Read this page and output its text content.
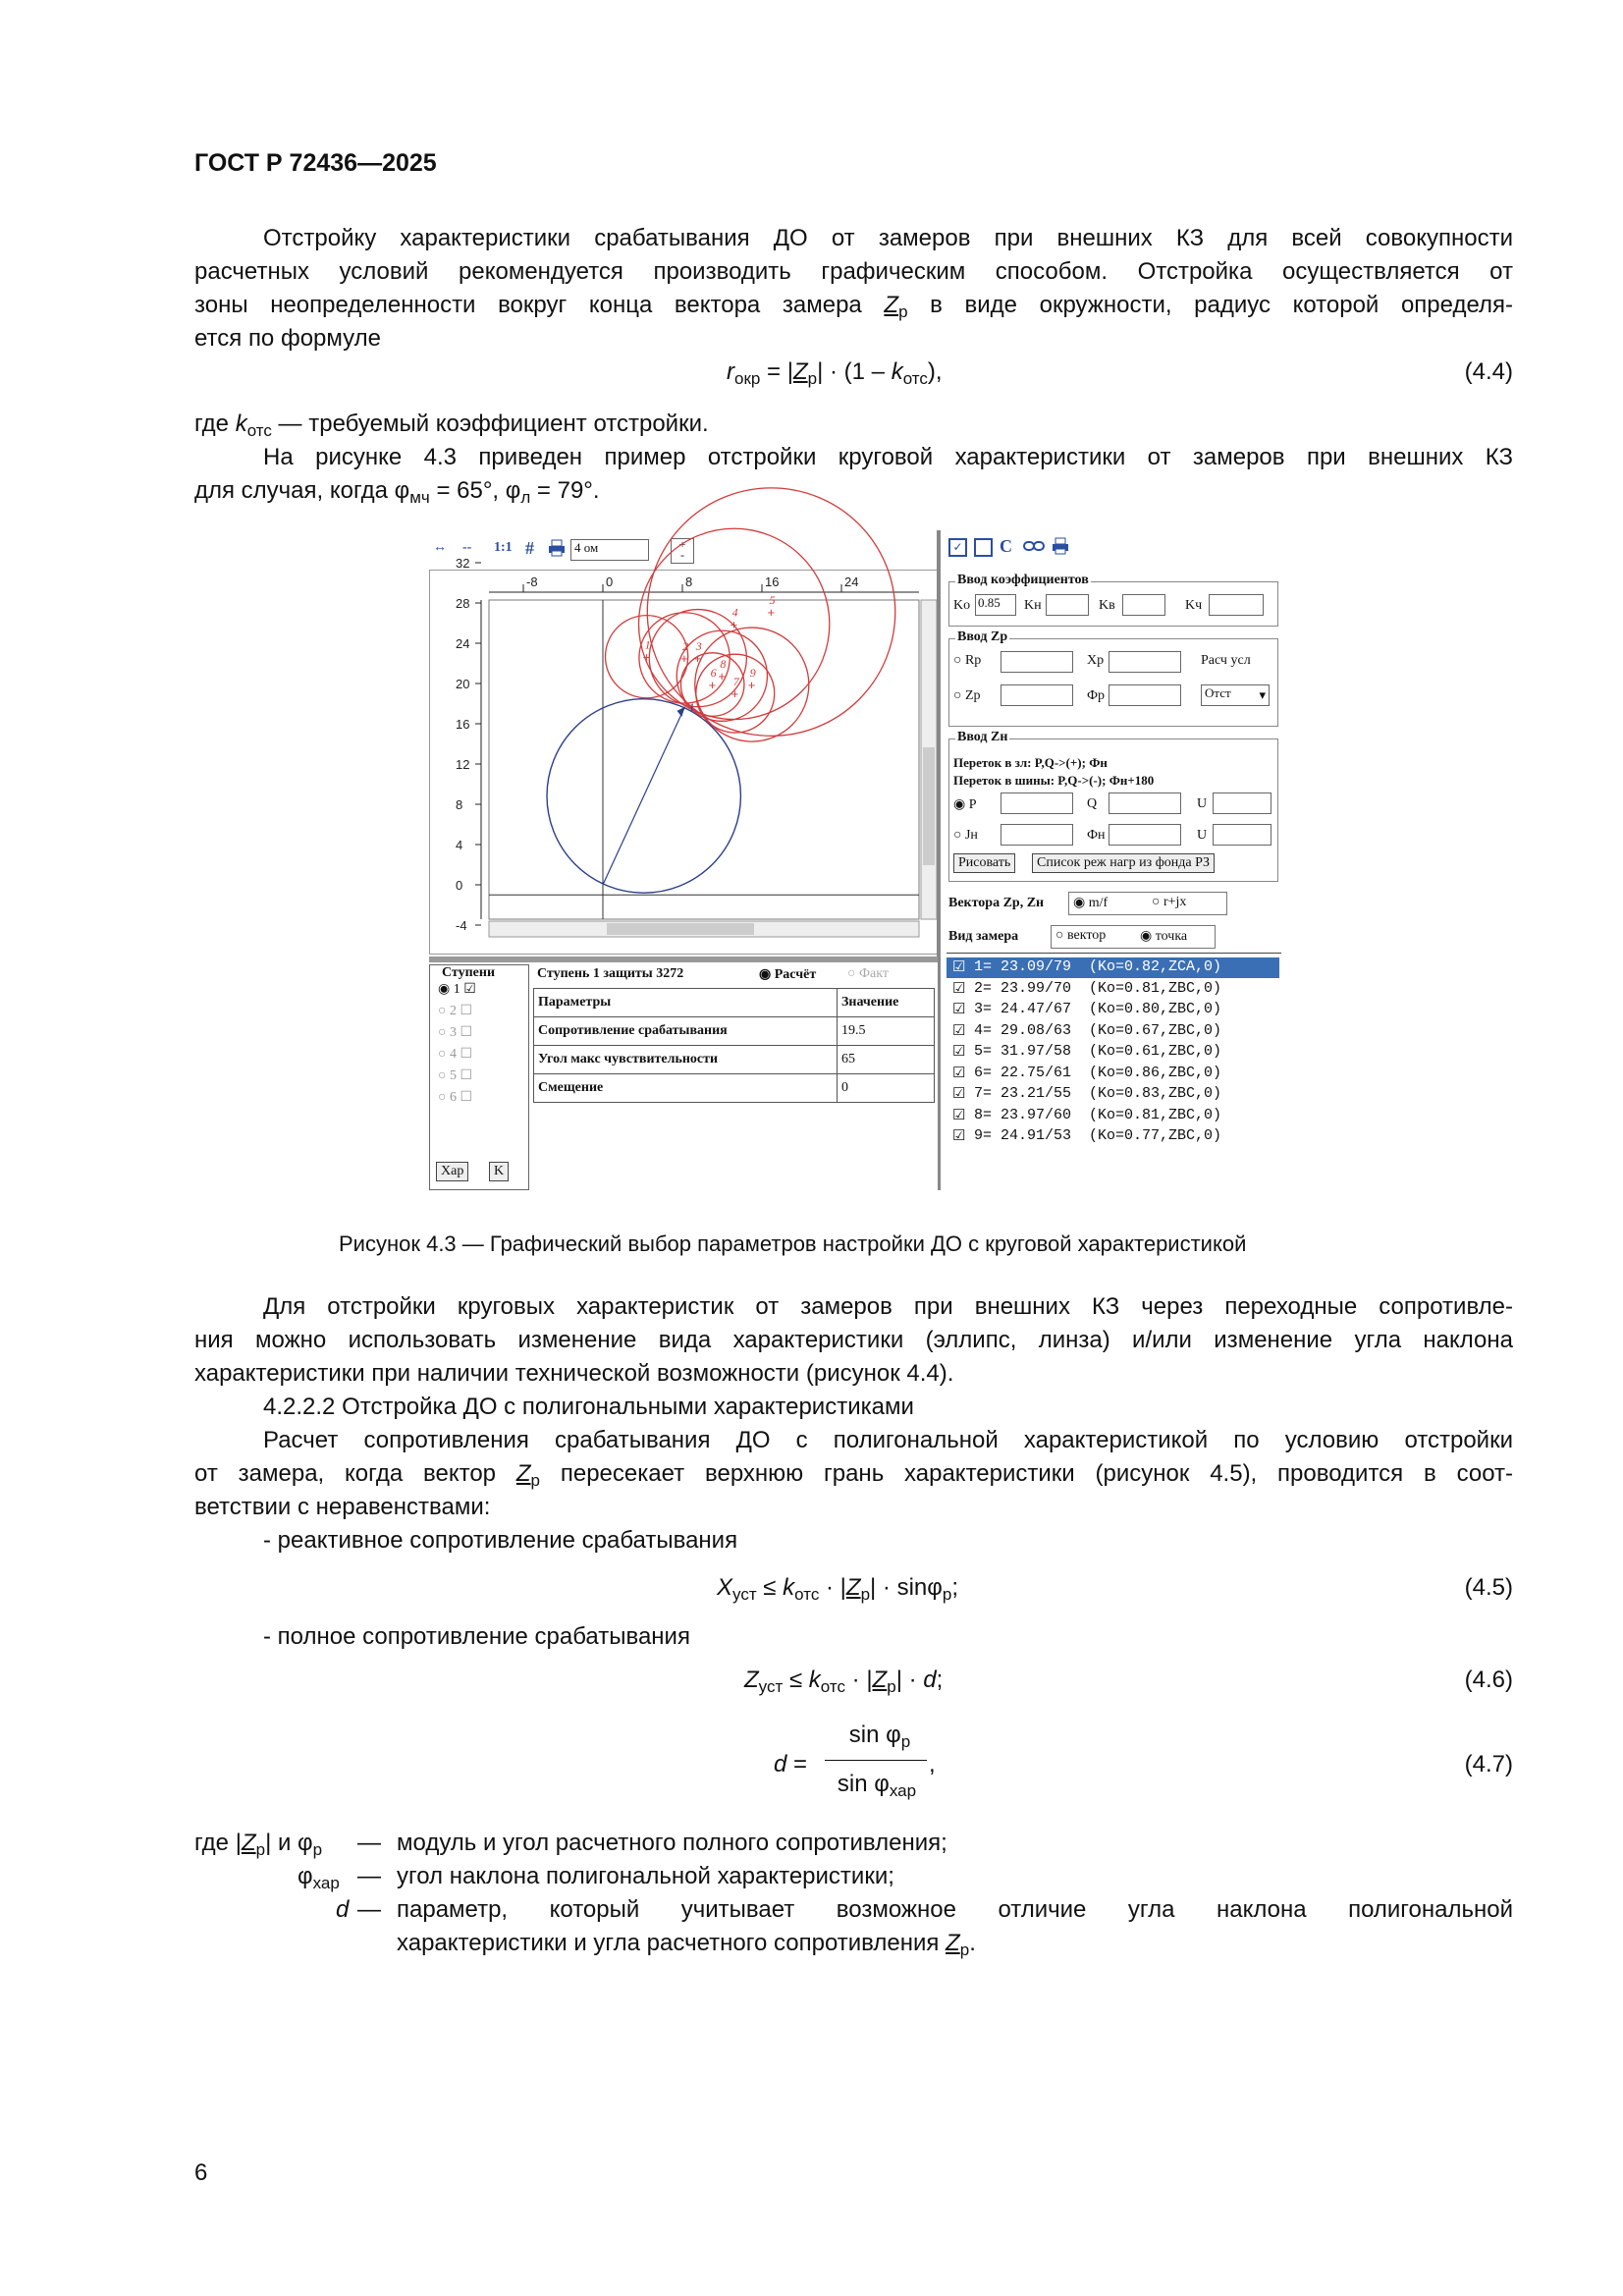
ГОСТ Р 72436—2025
Отстройку характеристики срабатывания ДО от замеров при внешних КЗ для всей совокупности
расчетных условий рекомендуется производить графическим способом. Отстройка осуществляется от
зоны неопределенности вокруг конца вектора замера $Z_р$ в виде окружности, радиус которой определя-
ется по формуле
$r_{окр} = |Z_р| \cdot (1 - k_{отс})$,	(4.4)
где $k_{отс}$ — требуемый коэффициент отстройки.
На рисунке 4.3 приведен пример отстройки круговой характеристики от замеров при внешних КЗ
для случая, когда $\varphi_{мч} = 65^\circ$, $\varphi_л = 79^\circ$.
↔ -- 1:1 #	4 ом	+
-
-8	0	8	16	24
32
28
24
20
16
12
8
4
0
-4
+
1
+
2
+
3
+
4 +
5
+
6
+
7
+
8
+
9
1
✓ C
Ввод коэффициентов
Ko 0.85	Kн	Kв	Kч
Ввод Zр
○ Rр	Xр	Расч усл
○ Zр	Фр	Отст ▾
Ввод Zн
Переток в зл: P,Q->(+); Фн
Переток в шины: P,Q->(-); Фн+180
◉ P	Q	U
○ Jн	Фн	U
Рисовать	Список реж нагр из фонда РЗ
Вектора Zр, Zн ◉ m/f	○ r+jx
Вид замера	○ вектор ◉ точка
☑ 1= 23.09/79  (Ko=0.82,ZCA,0)
☑ 2= 23.99/70  (Ko=0.81,ZBC,0)
☑ 3= 24.47/67  (Ko=0.80,ZBC,0)
☑ 4= 29.08/63  (Ko=0.67,ZBC,0)
☑ 5= 31.97/58  (Ko=0.61,ZBC,0)
☑ 6= 22.75/61  (Ko=0.86,ZBC,0)
☑ 7= 23.21/55  (Ko=0.83,ZBC,0)
☑ 8= 23.97/60  (Ko=0.81,ZBC,0)
☑ 9= 24.91/53  (Ko=0.77,ZBC,0)
Ступени
◉ 1 ☑
○ 2 ☐
○ 3 ☐
○ 4 ☐
○ 5 ☐
○ 6 ☐
Хар	K
Ступень 1 защиты 3272	◉ Расчёт ○ Факт
Параметры	Значение
Сопротивление срабатывания	19.5
Угол макс чувствительности	65
Смещение	0
Рисунок 4.3 — Графический выбор параметров настройки ДО с круговой характеристикой
Для отстройки круговых характеристик от замеров при внешних КЗ через переходные сопротивле-
ния можно использовать изменение вида характеристики (эллипс, линза) и/или изменение угла наклона
характеристики при наличии технической возможности (рисунок 4.4).
4.2.2.2 Отстройка ДО с полигональными характеристиками
Расчет сопротивления срабатывания ДО с полигональной характеристикой по условию отстройки
от замера, когда вектор $Z_р$ пересекает верхнюю грань характеристики (рисунок 4.5), проводится в соот-
ветствии с неравенствами:
- реактивное сопротивление срабатывания
$X_{уст} \le k_{отс} \cdot |Z_р| \cdot \sin\varphi_р$;	(4.5)
- полное сопротивление срабатывания
$Z_{уст} \le k_{отс} \cdot |Z_р| \cdot d$;	(4.6)
d =
$\sin \varphi_р$
$\sin \varphi_{хар}$
,	(4.7)
где $|Z_р|$ и $\varphi_р$ — модуль и угол расчетного полного сопротивления;
$\varphi_{хар}$ — угол наклона полигональной характеристики;
d — параметр, который учитывает возможное отличие угла наклона полигональной
характеристики и угла расчетного сопротивления $Z_р$.
6
